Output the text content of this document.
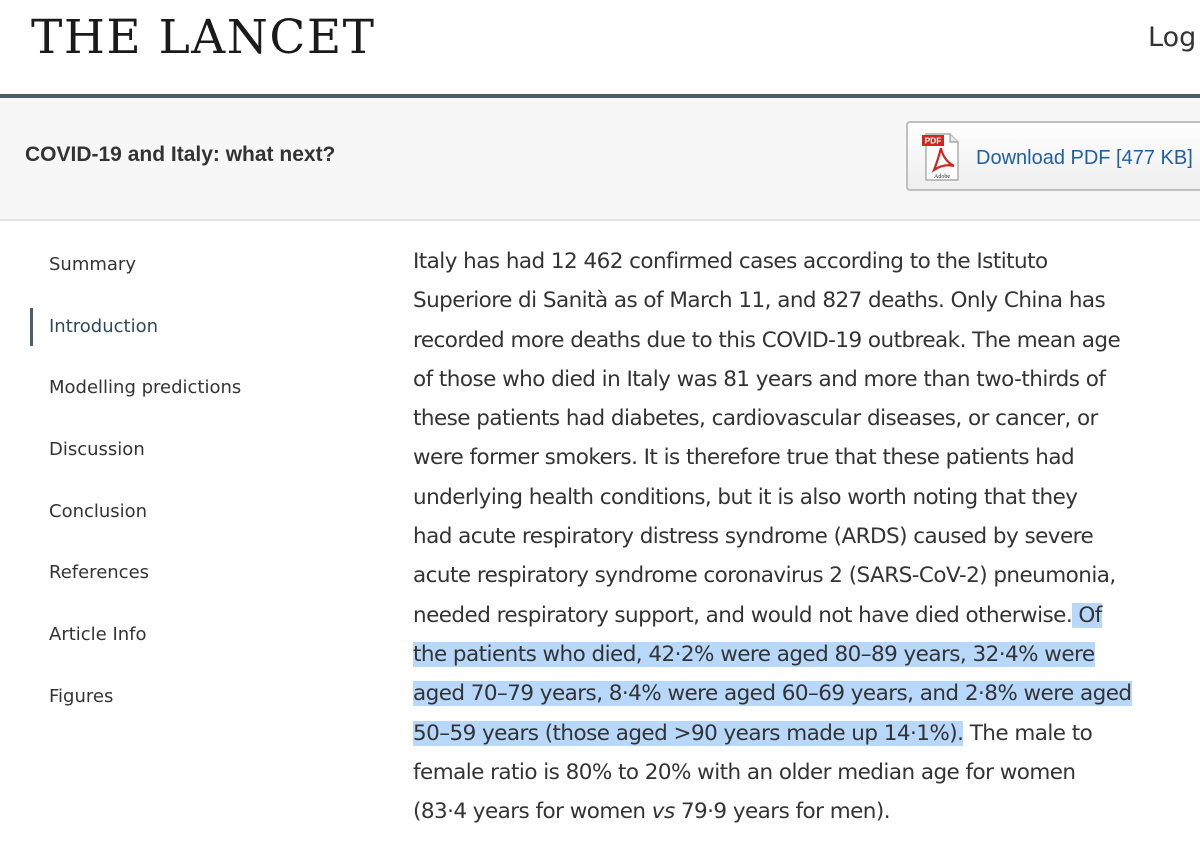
THE LANCET	Log
COVID-19 and Italy: what next?
PDF
Adobe
Download PDF [477 KB]
Summary
Introduction
Modelling predictions
Discussion
Conclusion
References
Article Info
Figures
Italy has had 12 462 confirmed cases according to the Istituto
Superiore di Sanità as of March 11, and 827 deaths. Only China has
recorded more deaths due to this COVID-19 outbreak. The mean age
of those who died in Italy was 81 years and more than two-thirds of
these patients had diabetes, cardiovascular diseases, or cancer, or
were former smokers. It is therefore true that these patients had
underlying health conditions, but it is also worth noting that they
had acute respiratory distress syndrome (ARDS) caused by severe
acute respiratory syndrome coronavirus 2 (SARS-CoV-2) pneumonia,
needed respiratory support, and would not have died otherwise. Of
the patients who died, 42·2% were aged 80–89 years, 32·4% were
aged 70–79 years, 8·4% were aged 60–69 years, and 2·8% were aged
50–59 years (those aged >90 years made up 14·1%). The male to
female ratio is 80% to 20% with an older median age for women
(83·4 years for women vs 79·9 years for men).
